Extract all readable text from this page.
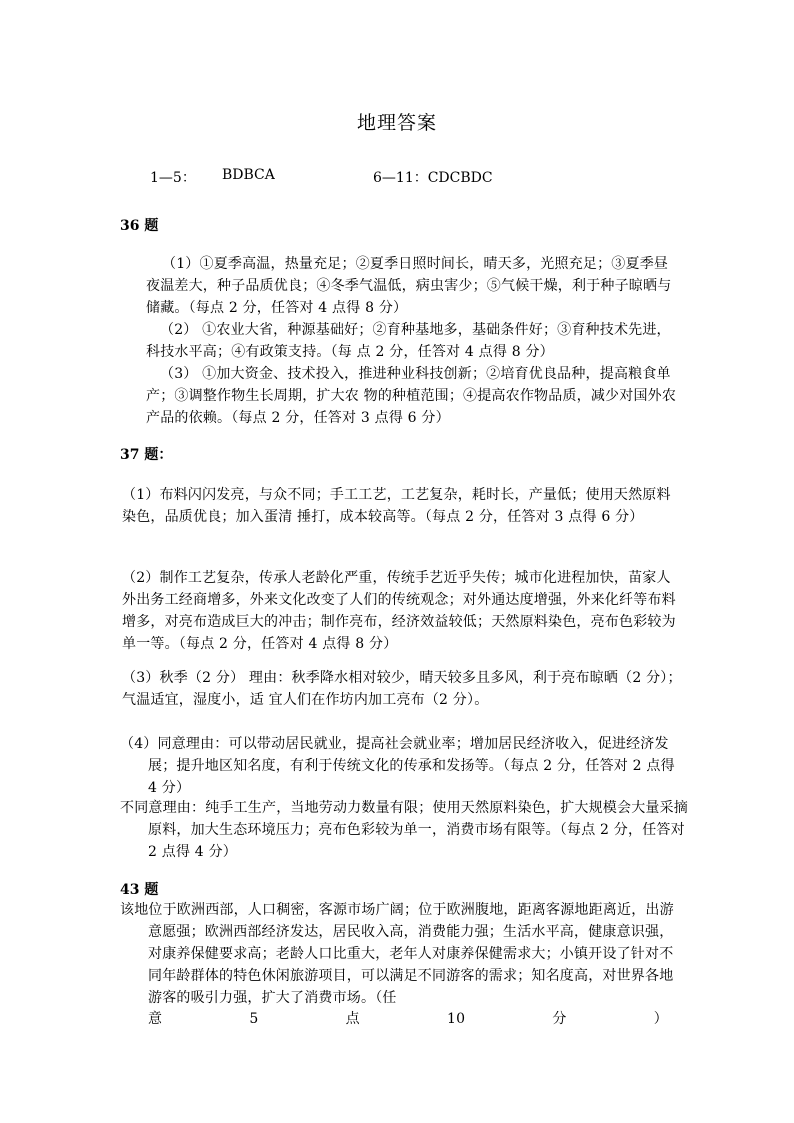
地理答案
1—5： BDBCA	6—11：CDCBDC
36 题
（1）①夏季高温，热量充足；②夏季日照时间长，晴天多，光照充足；③夏季昼夜温差大，种子品质优良；④冬季气温低，病虫害少；⑤气候干燥，利于种子晾晒与储藏。（每点 2 分，任答对 4 点得 8 分）
（2） ①农业大省，种源基础好；②育种基地多，基础条件好；③育种技术先进，科技水平高；④有政策支持。（每 点 2 分，任答对 4 点得 8 分）
（3） ①加大资金、技术投入，推进种业科技创新；②培育优良品种，提高粮食单产；③调整作物生长周期，扩大农 物的种植范围；④提高农作物品质，减少对国外农产品的依赖。（每点 2 分，任答对 3 点得 6 分）
37 题：
（1）布料闪闪发亮，与众不同；手工工艺，工艺复杂，耗时长，产量低；使用天然原料染色，品质优良；加入蛋清 捶打，成本较高等。（每点 2 分，任答对 3 点得 6 分）
（2）制作工艺复杂，传承人老龄化严重，传统手艺近乎失传；城市化进程加快，苗家人外出务工经商增多，外来文化改变了人们的传统观念；对外通达度增强，外来化纤等布料增多，对亮布造成巨大的冲击；制作亮布，经济效益较低；天然原料染色，亮布色彩较为单一等。（每点 2 分，任答对 4 点得 8 分）
（3）秋季（2 分） 理由：秋季降水相对较少，晴天较多且多风，利于亮布晾晒（2 分）；气温适宜，湿度小，适 宜人们在作坊内加工亮布（2 分）。
（4）同意理由：可以带动居民就业，提高社会就业率；增加居民经济收入，促进经济发展；提升地区知名度，有利于传统文化的传承和发扬等。（每点 2 分，任答对 2 点得 4 分）
不同意理由：纯手工生产，当地劳动力数量有限；使用天然原料染色，扩大规模会大量采摘原料，加大生态环境压力；亮布色彩较为单一，消费市场有限等。（每点 2 分，任答对 2 点得 4 分）
43 题
该地位于欧洲西部，人口稠密，客源市场广阔；位于欧洲腹地，距离客源地距离近，出游意愿强；欧洲西部经济发达，居民收入高，消费能力强；生活水平高，健康意识强，对康养保健要求高；老龄人口比重大，老年人对康养保健需求大；小镇开设了针对不同年龄群体的特色休闲旅游项目，可以满足不同游客的需求；知名度高，对世界各地游客的吸引力强，扩大了消费市场。（任
意	5	点	10	分	）
